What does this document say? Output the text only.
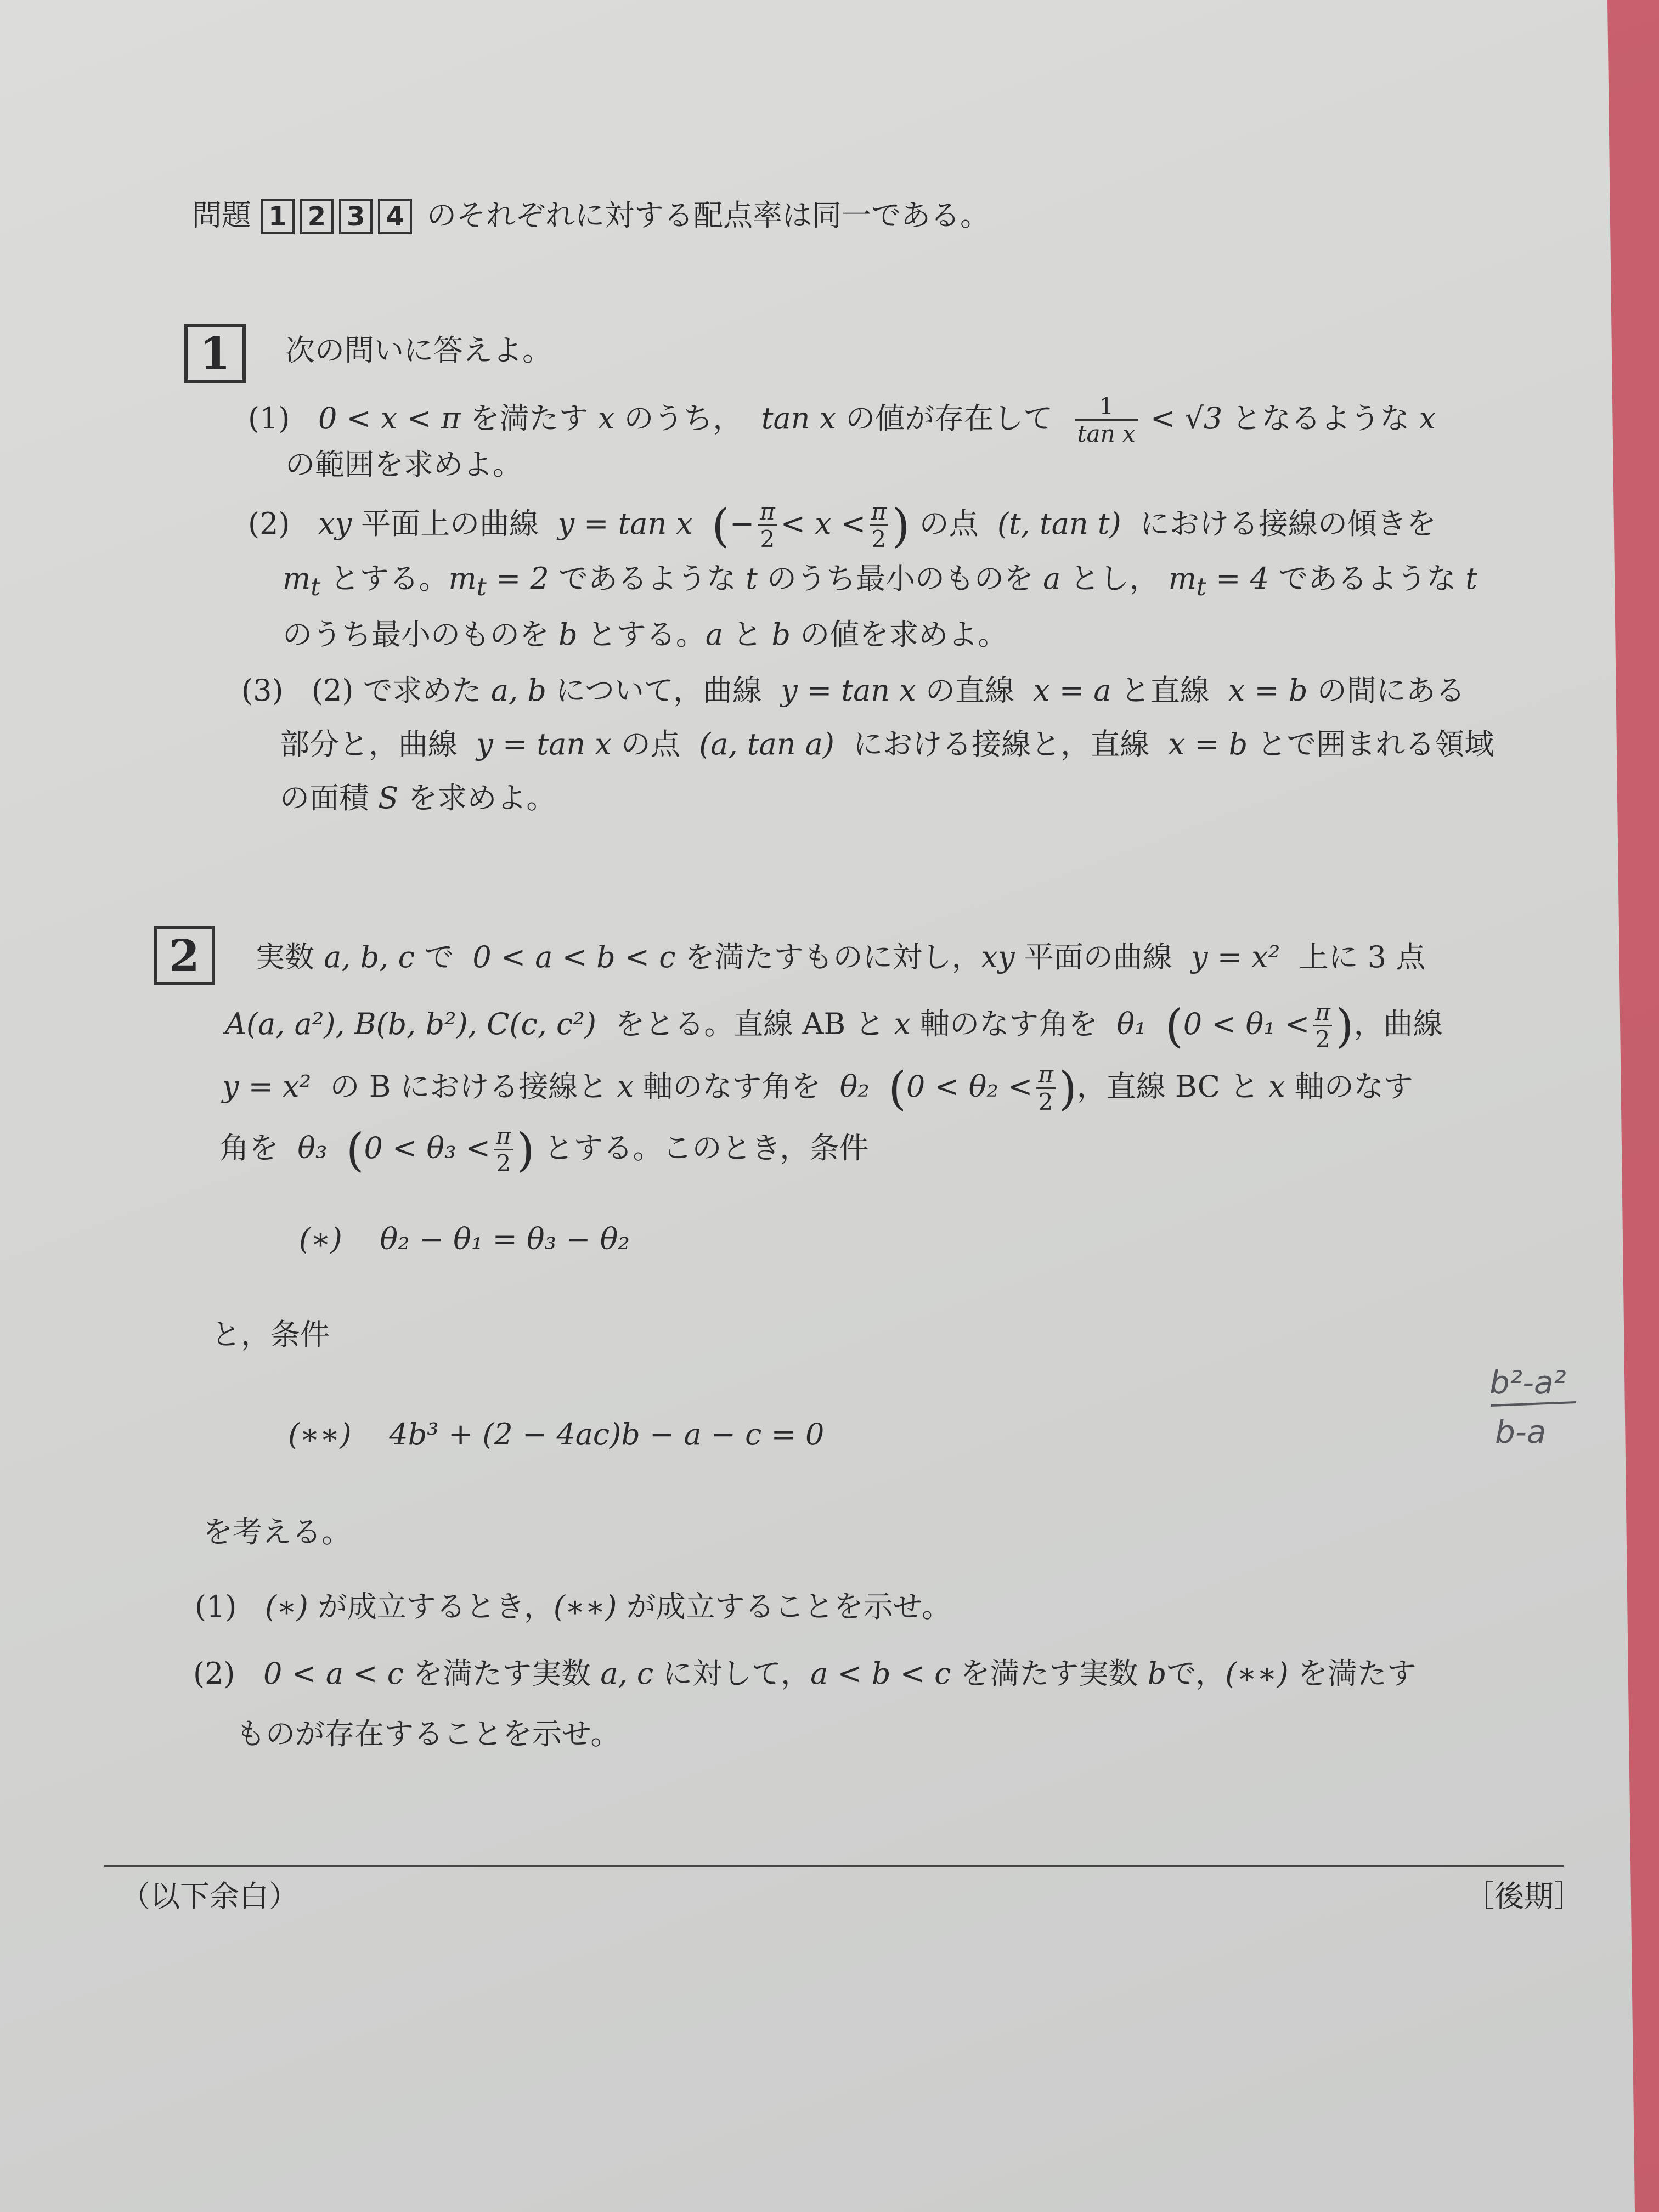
問題 1 2 3 4 のそれぞれに対する配点率は同一である。
1 次の問いに答えよ。
(1) 0 < x < π を満たす x のうち， tan x の値が存在して $\frac{1}{\text{tan x}} < √3$ となるような x
の範囲を求めよ。
(2) xy 平面上の曲線 y = tan x (− $\frac{\pi}{2} < x < \frac{\pi}{2}$ ) の点 (t, tan t) における接線の傾きを
$m_t$ とする。$m_t = 2$ であるような t のうち最小のものを a とし， $m_t = 4$ であるような t
のうち最小のものを b とする。a と b の値を求めよ。
(3) (2) で求めた a, b について，曲線 y = tan x の直線 x = a と直線 x = b の間にある
部分と，曲線 y = tan x の点 (a, tan a) における接線と，直線 x = b とで囲まれる領域
の面積 S を求めよ。
2 実数 a, b, c で 0 < a < b < c を満たすものに対し，xy 平面の曲線 y = x² 上に 3 点
A(a, a²), B(b, b²), C(c, c²) をとる。直線 AB と x 軸のなす角を θ₁ ($0 < \theta_1 < \frac{\pi}{2}$ )，曲線
y = x² の B における接線と x 軸のなす角を θ₂ ($0 < \theta_2 < \frac{\pi}{2}$ )，直線 BC と x 軸のなす
角を θ₃ ($0 < \theta_3 < \frac{\pi}{2}$ ) とする。このとき，条件
(∗) θ₂ − θ₁ = θ₃ − θ₂
と，条件
(∗∗) 4b³ + (2 − 4ac)b − a − c = 0
を考える。
(1) (∗) が成立するとき，(∗∗) が成立することを示せ。
(2) 0 < a < c を満たす実数 a, c に対して，a < b < c を満たす実数 bで，(∗∗) を満たす
ものが存在することを示せ。
b²-a²
b-a
（以下余白）	［後期］
